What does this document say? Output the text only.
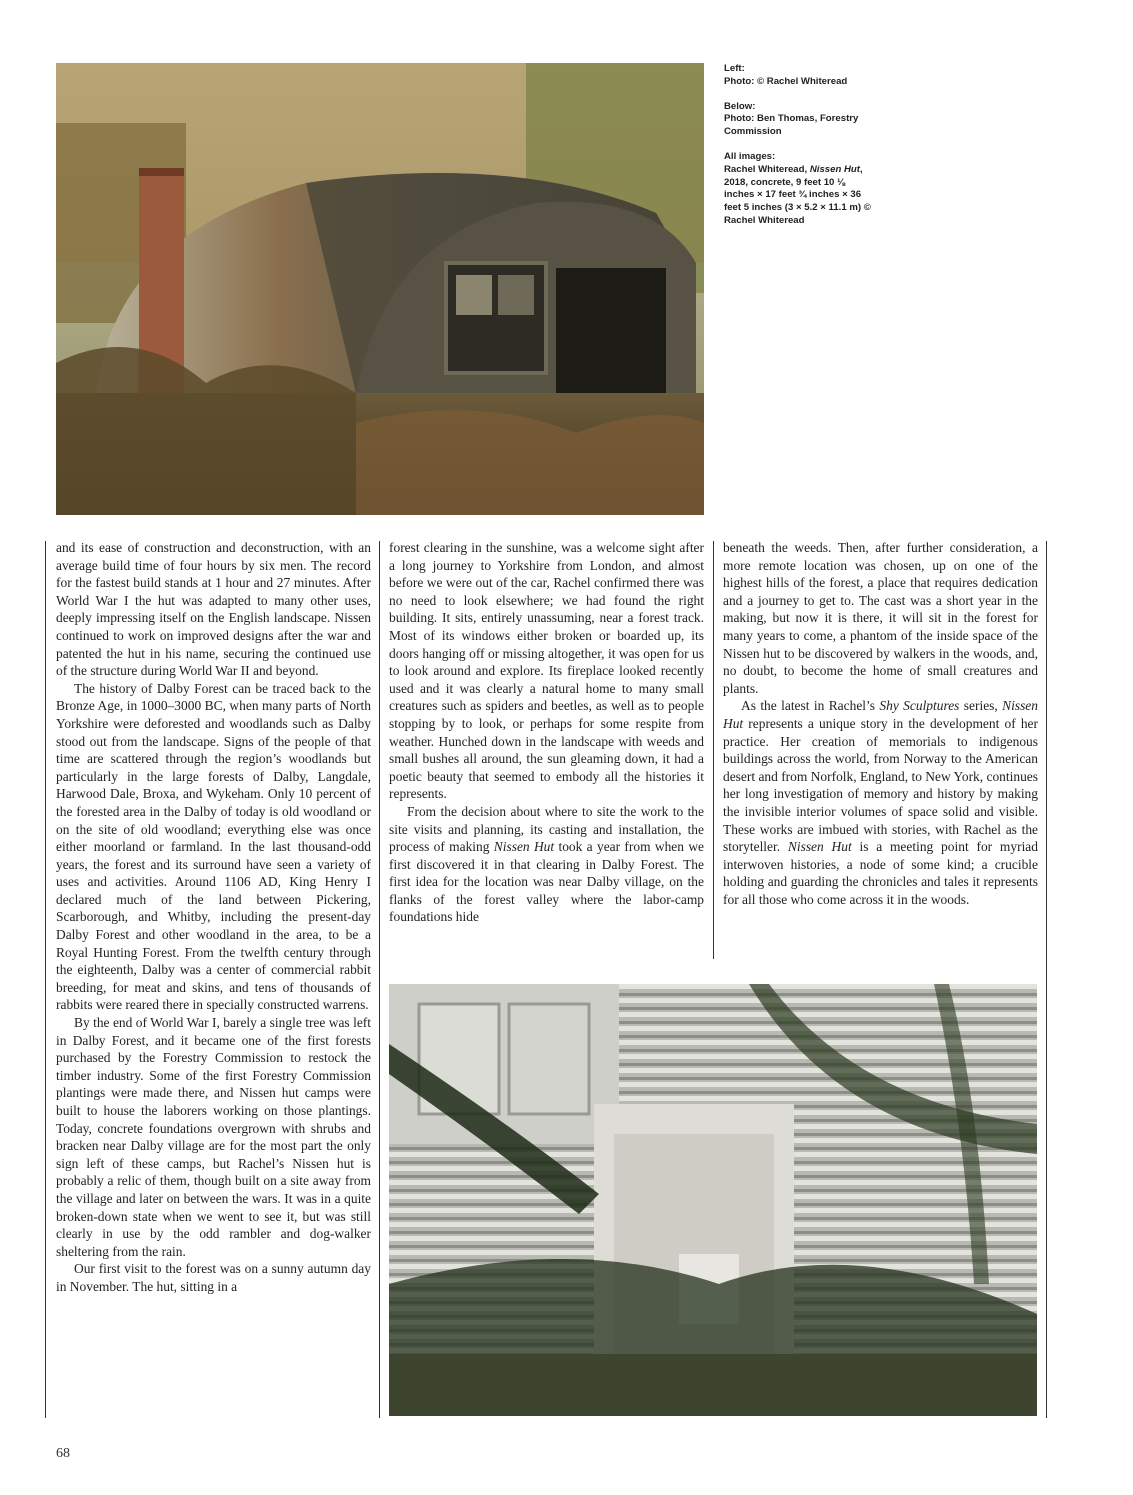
Left:
Photo: © Rachel Whiteread
Below:
Photo: Ben Thomas, Forestry Commission
All images:
Rachel Whiteread, Nissen Hut, 2018, concrete, 9 feet 10 ⅛ inches × 17 feet ¾ inches × 36 feet 5 inches (3 × 5.2 × 11.1 m) © Rachel Whiteread

and its ease of construction and deconstruction, with an average build time of four hours by six men. The record for the fastest build stands at 1 hour and 27 minutes. After World War I the hut was adapted to many other uses, deeply impressing itself on the English landscape. Nissen continued to work on improved designs after the war and patented the hut in his name, securing the continued use of the structure during World War II and beyond.

The history of Dalby Forest can be traced back to the Bronze Age, in 1000–3000 BC, when many parts of North Yorkshire were deforested and woodlands such as Dalby stood out from the landscape. Signs of the people of that time are scattered through the region’s woodlands but particularly in the large forests of Dalby, Langdale, Harwood Dale, Broxa, and Wykeham. Only 10 percent of the forested area in the Dalby of today is old woodland or on the site of old woodland; everything else was once either moorland or farmland. In the last thousand-odd years, the forest and its surround have seen a variety of uses and activities. Around 1106 AD, King Henry I declared much of the land between Pickering, Scarborough, and Whitby, including the present-day Dalby Forest and other woodland in the area, to be a Royal Hunting Forest. From the twelfth century through the eighteenth, Dalby was a center of commercial rabbit breeding, for meat and skins, and tens of thousands of rabbits were reared there in specially constructed warrens.

By the end of World War I, barely a single tree was left in Dalby Forest, and it became one of the first forests purchased by the Forestry Commission to restock the timber industry. Some of the first Forestry Commission plantings were made there, and Nissen hut camps were built to house the laborers working on those plantings. Today, concrete foundations overgrown with shrubs and bracken near Dalby village are for the most part the only sign left of these camps, but Rachel’s Nissen hut is probably a relic of them, though built on a site away from the village and later on between the wars. It was in a quite broken-down state when we went to see it, but was still clearly in use by the odd rambler and dog-walker sheltering from the rain.

Our first visit to the forest was on a sunny autumn day in November. The hut, sitting in a

forest clearing in the sunshine, was a welcome sight after a long journey to Yorkshire from London, and almost before we were out of the car, Rachel confirmed there was no need to look elsewhere; we had found the right building. It sits, entirely unassuming, near a forest track. Most of its windows either broken or boarded up, its doors hanging off or missing altogether, it was open for us to look around and explore. Its fireplace looked recently used and it was clearly a natural home to many small creatures such as spiders and beetles, as well as to people stopping by to look, or perhaps for some respite from weather. Hunched down in the landscape with weeds and small bushes all around, the sun gleaming down, it had a poetic beauty that seemed to embody all the histories it represents.

From the decision about where to site the work to the site visits and planning, its casting and installation, the process of making Nissen Hut took a year from when we first discovered it in that clearing in Dalby Forest. The first idea for the location was near Dalby village, on the flanks of the forest valley where the labor-camp foundations hide

beneath the weeds. Then, after further consideration, a more remote location was chosen, up on one of the highest hills of the forest, a place that requires dedication and a journey to get to. The cast was a short year in the making, but now it is there, it will sit in the forest for many years to come, a phantom of the inside space of the Nissen hut to be discovered by walkers in the woods, and, no doubt, to become the home of small creatures and plants.

As the latest in Rachel’s Shy Sculptures series, Nissen Hut represents a unique story in the development of her practice. Her creation of memorials to indigenous buildings across the world, from Norway to the American desert and from Norfolk, England, to New York, continues her long investigation of memory and history by making the invisible interior volumes of space solid and visible. These works are imbued with stories, with Rachel as the storyteller. Nissen Hut is a meeting point for myriad interwoven histories, a node of some kind; a crucible holding and guarding the chronicles and tales it represents for all those who come across it in the woods.

68
